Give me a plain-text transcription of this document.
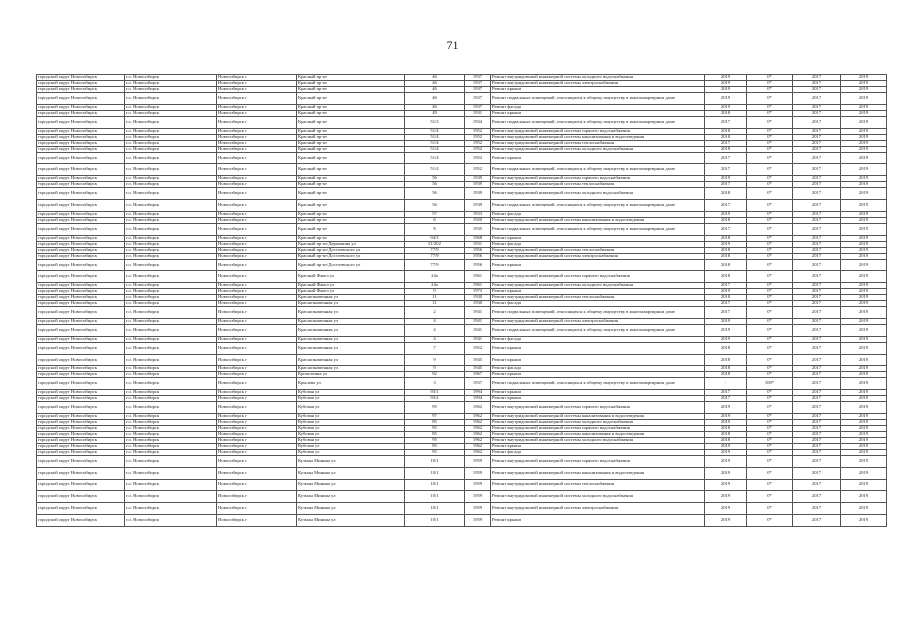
71
городской округ Новосибирск	г.о. Новосибирск	Новосибирск г	Красный пр-кт	46	1937	Ремонт внутридомовой инженерной системы холодного водоснабжения	2019	0*	2017	2019
городской округ Новосибирск	г.о. Новосибирск	Новосибирск г	Красный пр-кт	46	1937	Ремонт внутридомовой инженерной системы электроснабжения	2019	0*	2017	2019
городской округ Новосибирск	г.о. Новосибирск	Новосибирск г	Красный пр-кт	46	1937	Ремонт крыши	2019	0*	2017	2019
городской округ Новосибирск	г.о. Новосибирск	Новосибирск г	Красный пр-кт	46	1937	Ремонт подвальных помещений, относящихся к общему имуществу в многоквартирном доме	2019	0*	2017	2019
городской округ Новосибирск	г.о. Новосибирск	Новосибирск г	Красный пр-кт	46	1937	Ремонт фасада	2019	0*	2017	2019
городской округ Новосибирск	г.о. Новосибирск	Новосибирск г	Красный пр-кт	49	1931	Ремонт крыши	2018	0*	2017	2019
городской округ Новосибирск	г.о. Новосибирск	Новосибирск г	Красный пр-кт	51/3	1934	Ремонт подвальных помещений, относящихся к общему имуществу в многоквартирном доме	2017	0*	2017	2019
городской округ Новосибирск	г.о. Новосибирск	Новосибирск г	Красный пр-кт	51/4	1952	Ремонт внутридомовой инженерной системы горячего водоснабжения	2018	0*	2017	2019
городской округ Новосибирск	г.о. Новосибирск	Новосибирск г	Красный пр-кт	51/4	1952	Ремонт внутридомовой инженерной системы канализования и водоотведения	2018	0*	2017	2019
городской округ Новосибирск	г.о. Новосибирск	Новосибирск г	Красный пр-кт	51/4	1952	Ремонт внутридомовой инженерной системы теплоснабжения	2017	0*	2017	2019
городской округ Новосибирск	г.о. Новосибирск	Новосибирск г	Красный пр-кт	51/4	1952	Ремонт внутридомовой инженерной системы холодного водоснабжения	2018	0*	2017	2019
городской округ Новосибирск	г.о. Новосибирск	Новосибирск г	Красный пр-кт	51/4	1952	Ремонт крыши	2017	0*	2017	2019
городской округ Новосибирск	г.о. Новосибирск	Новосибирск г	Красный пр-кт	51/4	1952	Ремонт подвальных помещений, относящихся к общему имуществу в многоквартирном доме	2017	0*	2017	2019
городской округ Новосибирск	г.о. Новосибирск	Новосибирск г	Красный пр-кт	56	1939	Ремонт внутридомовой инженерной системы горячего водоснабжения	2019	0*	2017	2019
городской округ Новосибирск	г.о. Новосибирск	Новосибирск г	Красный пр-кт	56	1939	Ремонт внутридомовой инженерной системы теплоснабжения	2017	0*	2017	2019
городской округ Новосибирск	г.о. Новосибирск	Новосибирск г	Красный пр-кт	56	1939	Ремонт внутридомовой инженерной системы холодного водоснабжения	2018	0*	2017	2019
городской округ Новосибирск	г.о. Новосибирск	Новосибирск г	Красный пр-кт	56	1939	Ремонт подвальных помещений, относящихся к общему имуществу в многоквартирном доме	2017	0*	2017	2019
городской округ Новосибирск	г.о. Новосибирск	Новосибирск г	Красный пр-кт	57	1933	Ремонт фасада	2019	0*	2017	2019
городской округ Новосибирск	г.о. Новосибирск	Новосибирск г	Красный пр-кт	6	1920	Ремонт внутридомовой инженерной системы канализования и водоотведения	2018	0*	2017	2019
городской округ Новосибирск	г.о. Новосибирск	Новосибирск г	Красный пр-кт	8	1935	Ремонт подвальных помещений, относящихся к общему имуществу в многоквартирном доме	2017	0*	2017	2019
городской округ Новосибирск	г.о. Новосибирск	Новосибирск г	Красный пр-кт	94/3	1968	Ремонт крыши	2018	0*	2017	2019
городской округ Новосибирск	г.о. Новосибирск	Новосибирск г	Красный пр-кт/Державина ул	51/202	1931	Ремонт фасада	2019	0*	2017	2019
городской округ Новосибирск	г.о. Новосибирск	Новосибирск г	Красный пр-кт/Достоевского ул	77/9	1956	Ремонт внутридомовой инженерной системы теплоснабжения	2018	0*	2017	2019
городской округ Новосибирск	г.о. Новосибирск	Новосибирск г	Красный пр-кт/Достоевского ул	77/9	1956	Ремонт внутридомовой инженерной системы электроснабжения	2018	0*	2017	2019
городской округ Новосибирск	г.о. Новосибирск	Новосибирск г	Красный пр-кт/Достоевского ул	77/9	1956	Ремонт крыши	2018	0*	2017	2019
городской округ Новосибирск	г.о. Новосибирск	Новосибирск г	Красный Факел ул	24а	1961	Ремонт внутридомовой инженерной системы горячего водоснабжения	2018	0*	2017	2019
городской округ Новосибирск	г.о. Новосибирск	Новосибирск г	Красный Факел ул	24а	1961	Ремонт внутридомовой инженерной системы холодного водоснабжения	2017	0*	2017	2019
городской округ Новосибирск	г.о. Новосибирск	Новосибирск г	Красный Факел ул	9	1973	Ремонт крыши	2019	0*	2017	2019
городской округ Новосибирск	г.о. Новосибирск	Новосибирск г	Краснознаменная ул	11	1930	Ремонт внутридомовой инженерной системы теплоснабжения	2018	0*	2017	2019
городской округ Новосибирск	г.о. Новосибирск	Новосибирск г	Краснознаменная ул	11	1930	Ремонт фасада	2017	0*	2017	2019
городской округ Новосибирск	г.о. Новосибирск	Новосибирск г	Краснознаменная ул	2	1941	Ремонт подвальных помещений, относящихся к общему имуществу в многоквартирном доме	2017	0*	2017	2019
городской округ Новосибирск	г.о. Новосибирск	Новосибирск г	Краснознаменная ул	4	1941	Ремонт внутридомовой инженерной системы электроснабжения	2019	0*	2017	2019
городской округ Новосибирск	г.о. Новосибирск	Новосибирск г	Краснознаменная ул	4	1941	Ремонт подвальных помещений, относящихся к общему имуществу в многоквартирном доме	2019	0*	2017	2019
городской округ Новосибирск	г.о. Новосибирск	Новосибирск г	Краснознаменная ул	4	1941	Ремонт фасада	2019	0*	2017	2019
городской округ Новосибирск	г.о. Новосибирск	Новосибирск г	Краснознаменная ул	7	1952	Ремонт крыши	2018	0*	2017	2019
городской округ Новосибирск	г.о. Новосибирск	Новосибирск г	Краснознаменная ул	9	1945	Ремонт крыши	2018	0*	2017	2019
городской округ Новосибирск	г.о. Новосибирск	Новосибирск г	Краснознаменная ул	9	1945	Ремонт фасада	2018	0*	2017	2019
городской округ Новосибирск	г.о. Новосибирск	Новосибирск г	Кропоткина ул	92	1967	Ремонт крыши	2018	0*	2017	2019
городской округ Новосибирск	г.о. Новосибирск	Новосибирск г	Крылова ул	3	1937	Ремонт подвальных помещений, относящихся к общему имуществу в многоквартирном доме	-	100*	2017	2019
городской округ Новосибирск	г.о. Новосибирск	Новосибирск г	Кубовая ул	93/1	1994	Ремонт крыши	2017	0*	2017	2019
городской округ Новосибирск	г.о. Новосибирск	Новосибирск г	Кубовая ул	93/2	1994	Ремонт крыши	2017	0*	2017	2019
городской округ Новосибирск	г.о. Новосибирск	Новосибирск г	Кубовая ул	95	1962	Ремонт внутридомовой инженерной системы горячего водоснабжения	2019	0*	2017	2019
городской округ Новосибирск	г.о. Новосибирск	Новосибирск г	Кубовая ул	97	1962	Ремонт внутридомовой инженерной системы канализования и водоотведения	2019	0*	2017	2019
городской округ Новосибирск	г.о. Новосибирск	Новосибирск г	Кубовая ул	85	1962	Ремонт внутридомовой инженерной системы холодного водоснабжения	2019	0*	2017	2019
городской округ Новосибирск	г.о. Новосибирск	Новосибирск г	Кубовая ул	95	1962	Ремонт внутридомовой инженерной системы горячего водоснабжения	2018	0*	2017	2019
городской округ Новосибирск	г.о. Новосибирск	Новосибирск г	Кубовая ул	85	1962	Ремонт внутридомовой инженерной системы канализования и водоотведения	2018	0*	2017	2019
городской округ Новосибирск	г.о. Новосибирск	Новосибирск г	Кубовая ул	95	1962	Ремонт внутридомовой инженерной системы холодного водоснабжения	2018	0*	2017	2019
городской округ Новосибирск	г.о. Новосибирск	Новосибирск г	Кубовая ул	85	1962	Ремонт крыши	2019	0*	2017	2019
городской округ Новосибирск	г.о. Новосибирск	Новосибирск г	Кубовая ул	95	1962	Ремонт фасада	2019	0*	2017	2019
городской округ Новосибирск	г.о. Новосибирск	Новосибирск г	Кузьмы Минина ул	10/1	1959	Ремонт внутридомовой инженерной системы горячего водоснабжения	2019	0*	2017	2019
городской округ Новосибирск	г.о. Новосибирск	Новосибирск г	Кузьмы Минина ул	10/1	1959	Ремонт внутридомовой инженерной системы канализования и водоотведения	2019	0*	2017	2019
городской округ Новосибирск	г.о. Новосибирск	Новосибирск г	Кузьмы Минина ул	10/1	1959	Ремонт внутридомовой инженерной системы теплоснабжения	2019	0*	2017	2019
городской округ Новосибирск	г.о. Новосибирск	Новосибирск г	Кузьмы Минина ул	10/1	1959	Ремонт внутридомовой инженерной системы холодного водоснабжения	2019	0*	2017	2019
городской округ Новосибирск	г.о. Новосибирск	Новосибирск г	Кузьмы Минина ул	10/1	1959	Ремонт внутридомовой инженерной системы электроснабжения	2019	0*	2017	2019
городской округ Новосибирск	г.о. Новосибирск	Новосибирск г	Кузьмы Минина ул	10/1	1959	Ремонт крыши	2019	0*	2017	2019
